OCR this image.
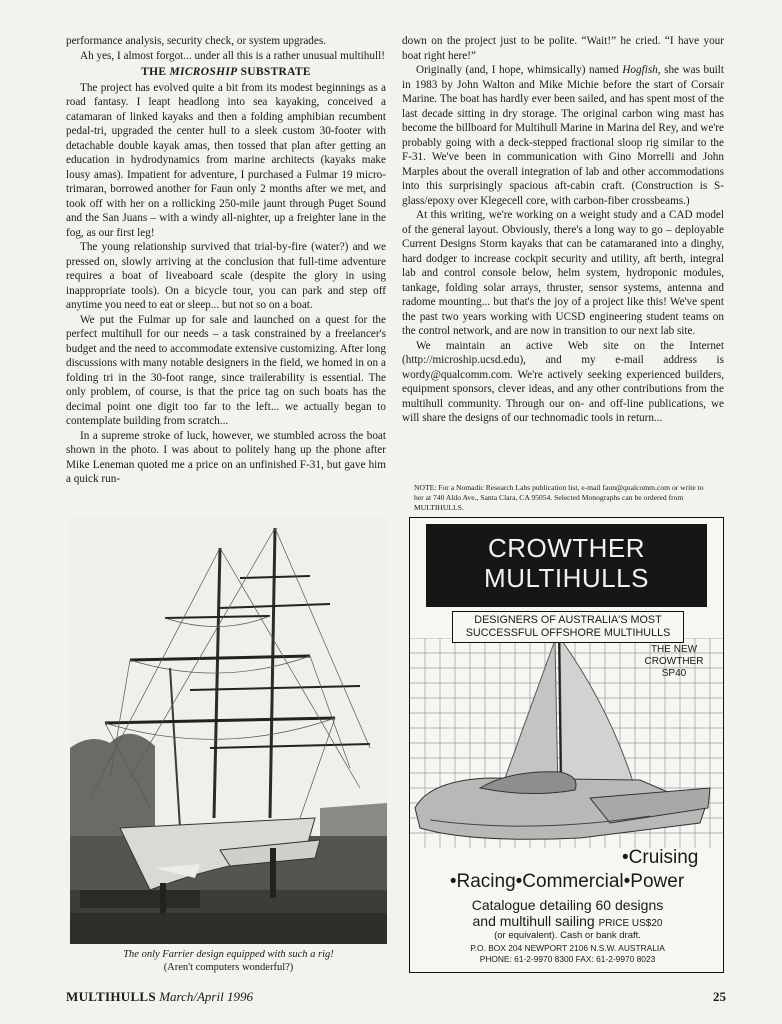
performance analysis, security check, or system upgrades.

Ah yes, I almost forgot... under all this is a rather unusual multihull!

THE MICROSHIP SUBSTRATE

The project has evolved quite a bit from its modest beginnings as a road fantasy. I leapt headlong into sea kayaking, conceived a catamaran of linked kayaks and then a folding amphibian recumbent pedal-tri, upgraded the center hull to a sleek custom 30-footer with detachable double kayak amas, then tossed that plan after getting an education in hydrodynamics from marine architects (kayaks make lousy amas). Impatient for adventure, I purchased a Fulmar 19 micro-trimaran, borrowed another for Faun only 2 months after we met, and took off with her on a rollicking 250-mile jaunt through Puget Sound and the San Juans – with a windy all-nighter, up a freighter lane in the fog, as our first leg!

The young relationship survived that trial-by-fire (water?) and we pressed on, slowly arriving at the conclusion that full-time adventure requires a boat of liveaboard scale (despite the glory in using inappropriate tools). On a bicycle tour, you can park and step off anytime you need to eat or sleep... but not so on a boat.

We put the Fulmar up for sale and launched on a quest for the perfect multihull for our needs – a task constrained by a freelancer's budget and the need to accommodate extensive customizing. After long discussions with many notable designers in the field, we homed in on a folding tri in the 30-foot range, since trailerability is essential. The only problem, of course, is that the price tag on such boats has the decimal point one digit too far to the left... we actually began to contemplate building from scratch...

In a supreme stroke of luck, however, we stumbled across the boat shown in the photo. I was about to politely hang up the phone after Mike Leneman quoted me a price on an unfinished F-31, but gave him a quick run-

down on the project just to be polite. “Wait!” he cried. “I have your boat right here!”

Originally (and, I hope, whimsically) named Hogfish, she was built in 1983 by John Walton and Mike Michie before the start of Corsair Marine. The boat has hardly ever been sailed, and has spent most of the last decade sitting in dry storage. The original carbon wing mast has become the billboard for Multihull Marine in Marina del Rey, and we're probably going with a deck-stepped fractional sloop rig similar to the F-31. We've been in communication with Gino Morrelli and John Marples about the overall integration of lab and other accommodations into this surprisingly spacious aft-cabin craft. (Construction is S-glass/epoxy over Klegecell core, with carbon-fiber crossbeams.)

At this writing, we're working on a weight study and a CAD model of the general layout. Obviously, there's a long way to go – deployable Current Designs Storm kayaks that can be catamaraned into a dinghy, hard dodger to increase cockpit security and utility, aft berth, integral lab and control console below, helm system, hydroponic modules, tankage, folding solar arrays, thruster, sensor systems, antenna and radome mounting... but that's the joy of a project like this! We've spent the past two years working with UCSD engineering student teams on the control network, and are now in transition to our next lab site.

We maintain an active Web site on the Internet (http://microship.ucsd.edu), and my e-mail address is wordy@qualcomm.com. We're actively seeking experienced builders, equipment sponsors, clever ideas, and any other contributions from the multihull community. Through our on- and off-line publications, we will share the designs of our technomadic tools in return...

NOTE: For a Nomadic Research Labs publication list, e-mail faun@qualcomm.com or write to her at 740 Aldo Ave., Santa Clara, CA 95054. Selected Monographs can be ordered from MULTIHULLS.

The only Farrier design equipped with such a rig!
(Aren't computers wonderful?)
CROWTHER
MULTIHULLS
DESIGNERS OF AUSTRALIA'S MOST
SUCCESSFUL OFFSHORE MULTIHULLS
THE NEW
CROWTHER
SP40
•Cruising
•Racing•Commercial•Power
Catalogue detailing 60 designs
and multihull sailing PRICE US$20
(or equivalent). Cash or bank draft.
P.O. BOX 204 NEWPORT 2106 N.S.W. AUSTRALIA
PHONE: 61-2-9970 8300 FAX: 61-2-9970 8023
MULTIHULLS March/April 1996	25
